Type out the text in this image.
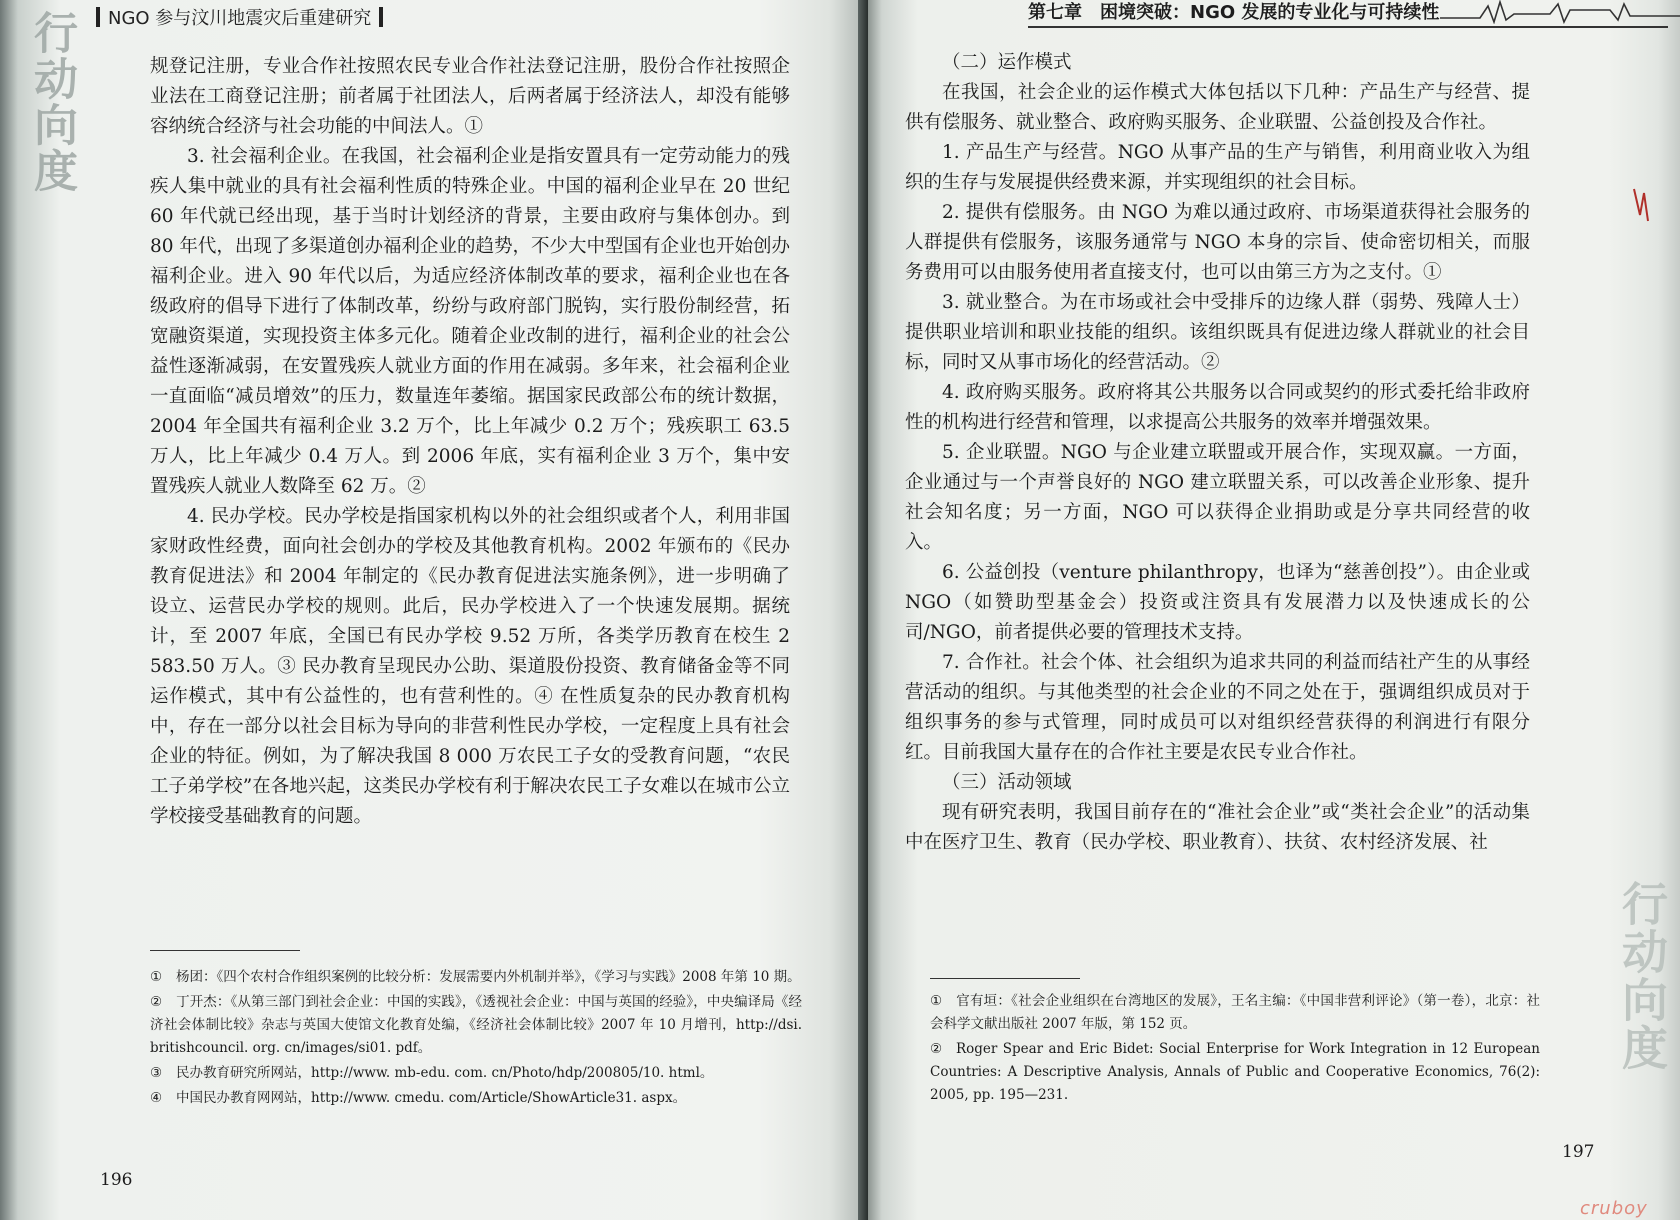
行动向度	NGO 参与汶川地震灾后重建研究

规登记注册，专业合作社按照农民专业合作社法登记注册，股份合作社按照企业法在工商登记注册；前者属于社团法人，后两者属于经济法人，却没有能够容纳统合经济与社会功能的中间法人。①

3. 社会福利企业。在我国，社会福利企业是指安置具有一定劳动能力的残疾人集中就业的具有社会福利性质的特殊企业。中国的福利企业早在 20 世纪 60 年代就已经出现，基于当时计划经济的背景，主要由政府与集体创办。到 80 年代，出现了多渠道创办福利企业的趋势，不少大中型国有企业也开始创办福利企业。进入 90 年代以后，为适应经济体制改革的要求，福利企业也在各级政府的倡导下进行了体制改革，纷纷与政府部门脱钩，实行股份制经营，拓宽融资渠道，实现投资主体多元化。随着企业改制的进行，福利企业的社会公益性逐渐减弱，在安置残疾人就业方面的作用在减弱。多年来，社会福利企业一直面临“减员增效”的压力，数量连年萎缩。据国家民政部公布的统计数据，2004 年全国共有福利企业 3.2 万个，比上年减少 0.2 万个；残疾职工 63.5 万人，比上年减少 0.4 万人。到 2006 年底，实有福利企业 3 万个，集中安置残疾人就业人数降至 62 万。②

4. 民办学校。民办学校是指国家机构以外的社会组织或者个人，利用非国家财政性经费，面向社会创办的学校及其他教育机构。2002 年颁布的《民办教育促进法》和 2004 年制定的《民办教育促进法实施条例》，进一步明确了设立、运营民办学校的规则。此后，民办学校进入了一个快速发展期。据统计，至 2007 年底，全国已有民办学校 9.52 万所，各类学历教育在校生 2 583.50 万人。③ 民办教育呈现民办公助、渠道股份投资、教育储备金等不同运作模式，其中有公益性的，也有营利性的。④ 在性质复杂的民办教育机构中，存在一部分以社会目标为导向的非营利性民办学校，一定程度上具有社会企业的特征。例如，为了解决我国 8 000 万农民工子女的受教育问题，“农民工子弟学校”在各地兴起，这类民办学校有利于解决农民工子女难以在城市公立学校接受基础教育的问题。

① 杨团：《四个农村合作组织案例的比较分析：发展需要内外机制并举》，《学习与实践》2008 年第 10 期。

② 丁开杰：《从第三部门到社会企业：中国的实践》，《透视社会企业：中国与英国的经验》，中央编译局《经济社会体制比较》杂志与英国大使馆文化教育处编，《经济社会体制比较》2007 年 10 月增刊，http://dsi. britishcouncil. org. cn/images/si01. pdf。

③ 民办教育研究所网站，http://www. mb-edu. com. cn/Photo/hdp/200805/10. html。

④ 中国民办教育网网站，http://www. cmedu. com/Article/ShowArticle31. aspx。

196
第七章 困境突破：NGO 发展的专业化与可持续性

（二）运作模式

在我国，社会企业的运作模式大体包括以下几种：产品生产与经营、提供有偿服务、就业整合、政府购买服务、企业联盟、公益创投及合作社。

1. 产品生产与经营。NGO 从事产品的生产与销售，利用商业收入为组织的生存与发展提供经费来源，并实现组织的社会目标。

2. 提供有偿服务。由 NGO 为难以通过政府、市场渠道获得社会服务的人群提供有偿服务，该服务通常与 NGO 本身的宗旨、使命密切相关，而服务费用可以由服务使用者直接支付，也可以由第三方为之支付。①

3. 就业整合。为在市场或社会中受排斥的边缘人群（弱势、残障人士）提供职业培训和职业技能的组织。该组织既具有促进边缘人群就业的社会目标，同时又从事市场化的经营活动。②

4. 政府购买服务。政府将其公共服务以合同或契约的形式委托给非政府性的机构进行经营和管理，以求提高公共服务的效率并增强效果。

5. 企业联盟。NGO 与企业建立联盟或开展合作，实现双赢。一方面，企业通过与一个声誉良好的 NGO 建立联盟关系，可以改善企业形象、提升社会知名度；另一方面，NGO 可以获得企业捐助或是分享共同经营的收入。

6. 公益创投（venture philanthropy，也译为“慈善创投”）。由企业或 NGO（如赞助型基金会）投资或注资具有发展潜力以及快速成长的公司/NGO，前者提供必要的管理技术支持。

7. 合作社。社会个体、社会组织为追求共同的利益而结社产生的从事经营活动的组织。与其他类型的社会企业的不同之处在于，强调组织成员对于组织事务的参与式管理，同时成员可以对组织经营获得的利润进行有限分红。目前我国大量存在的合作社主要是农民专业合作社。

（三）活动领域

现有研究表明，我国目前存在的“准社会企业”或“类社会企业”的活动集中在医疗卫生、教育（民办学校、职业教育）、扶贫、农村经济发展、社

① 官有垣：《社会企业组织在台湾地区的发展》，王名主编：《中国非营利评论》（第一卷），北京：社会科学文献出版社 2007 年版，第 152 页。

② Roger Spear and Eric Bidet: Social Enterprise for Work Integration in 12 European Countries: A Descriptive Analysis, Annals of Public and Cooperative Economics, 76(2): 2005, pp. 195—231.

行动向度
197
cruboy
